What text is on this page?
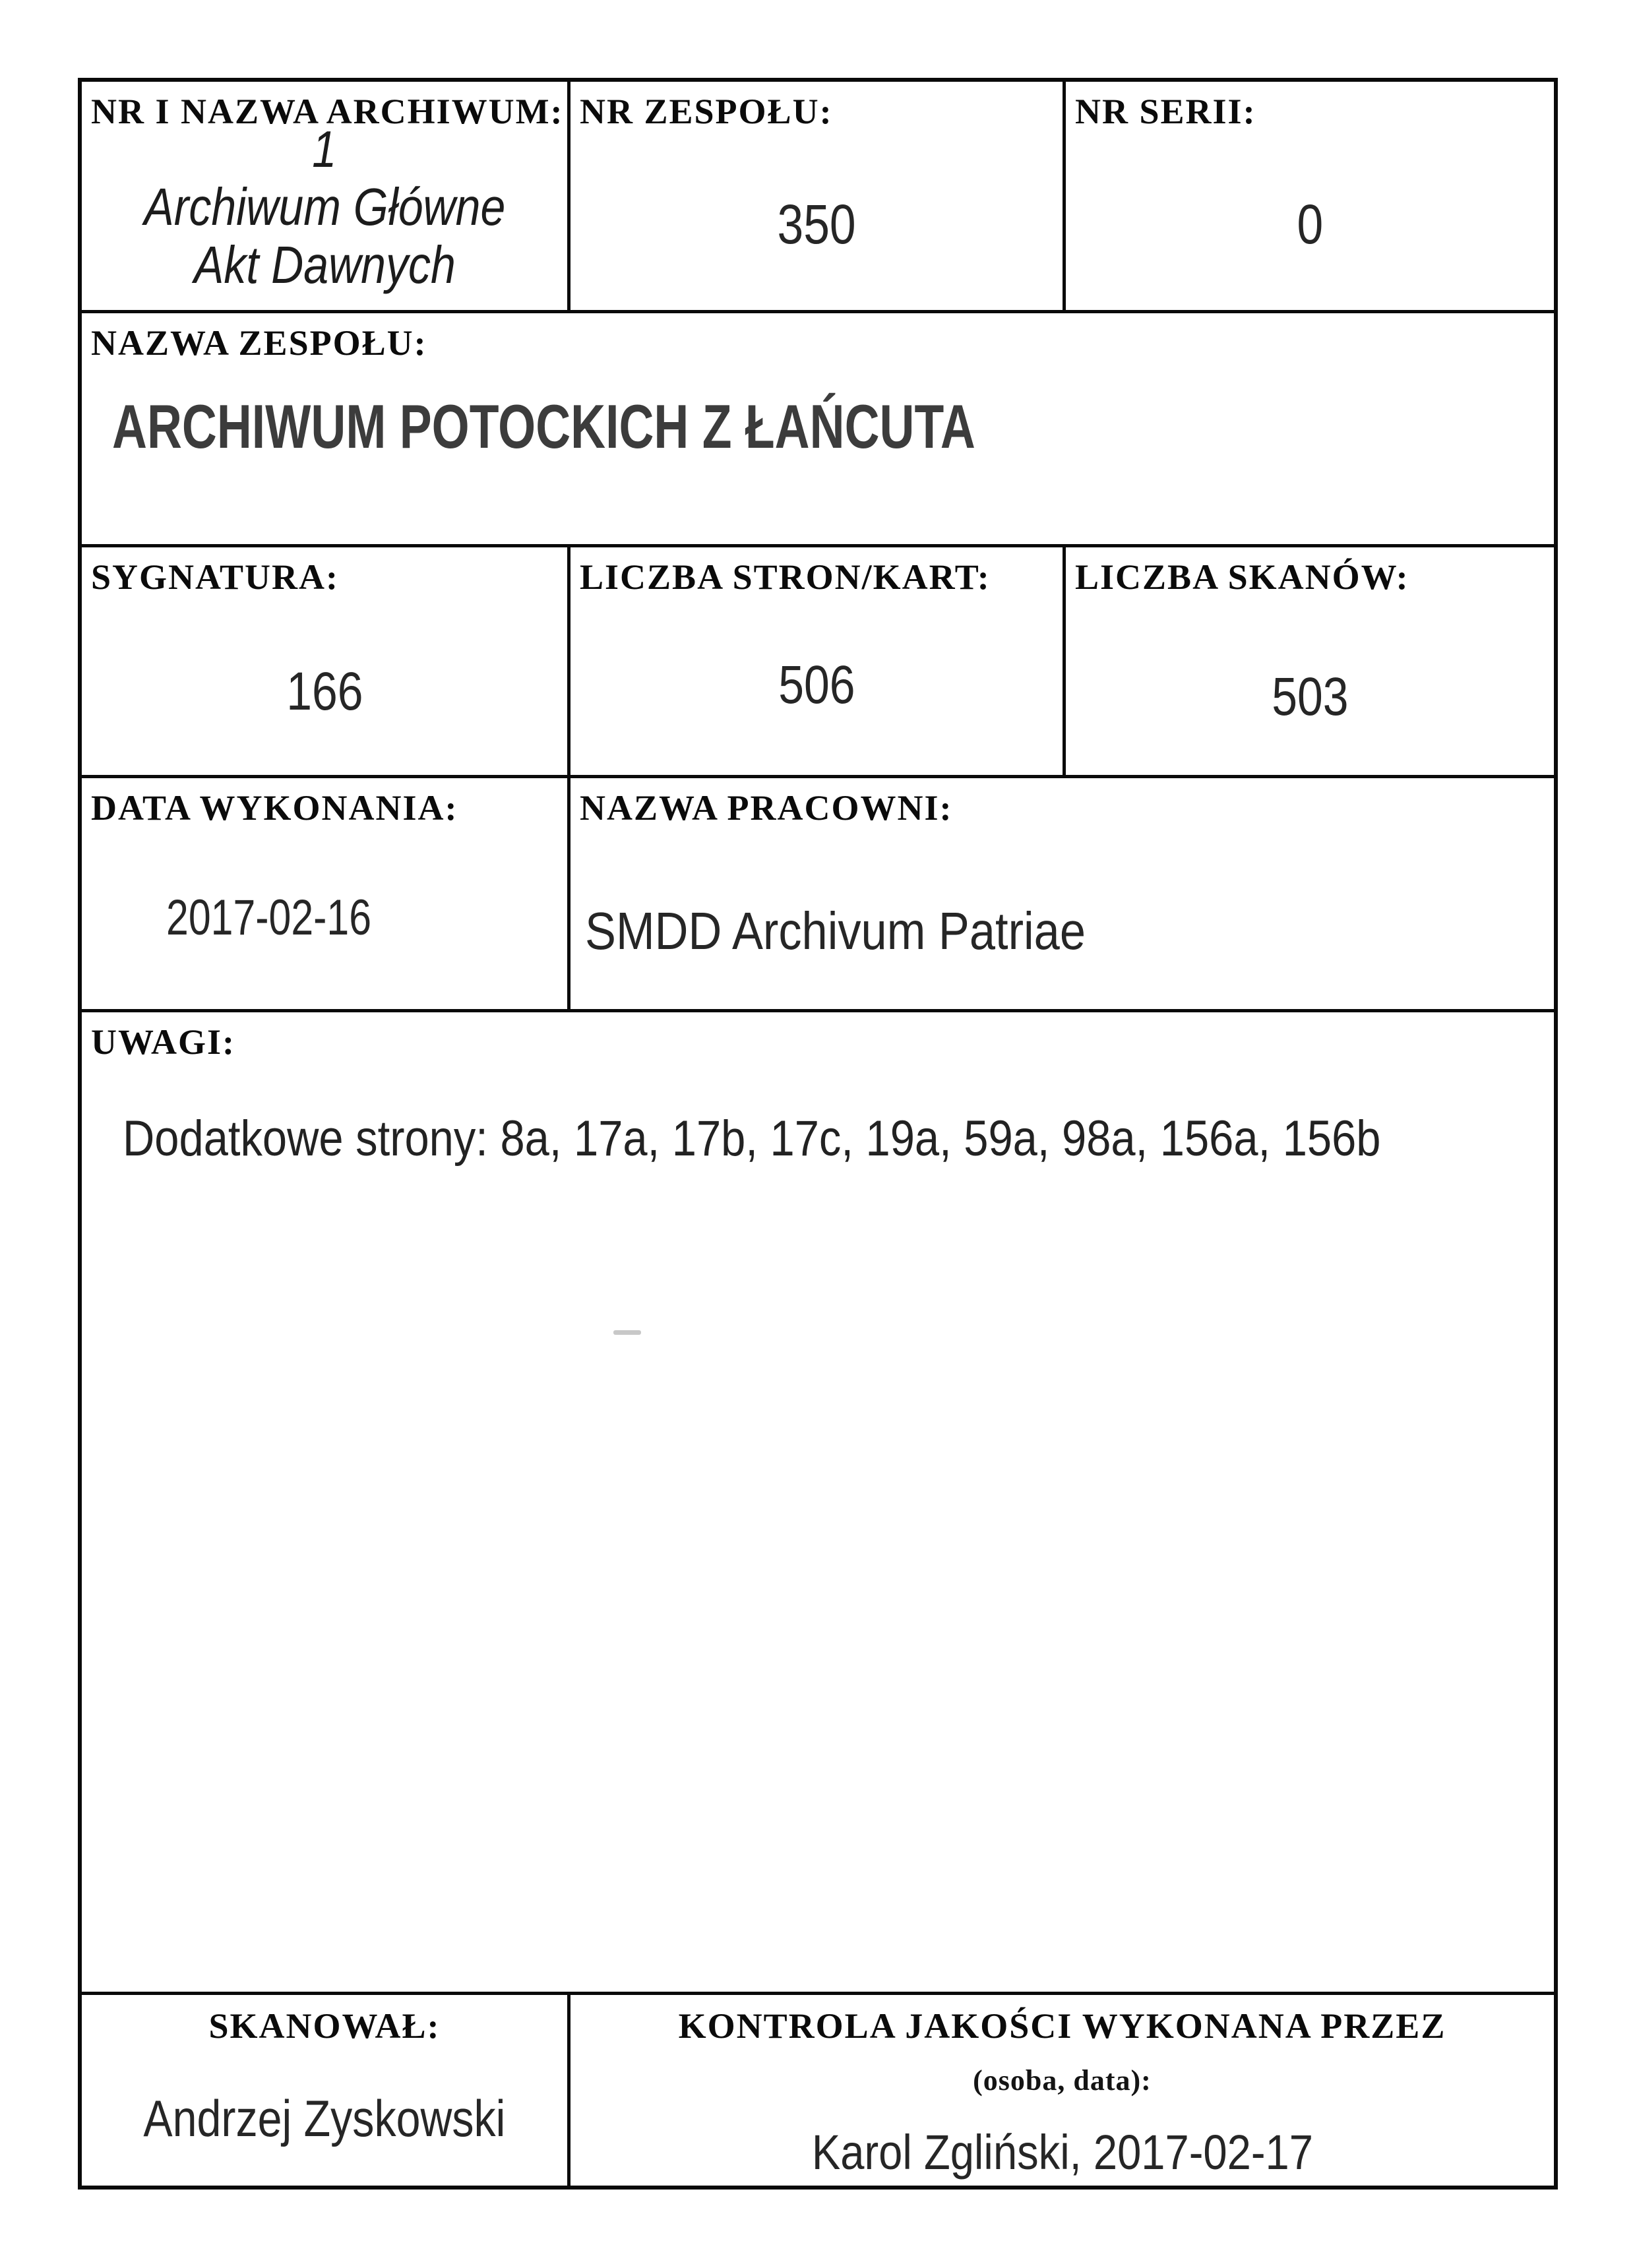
NR I NAZWA ARCHIWUM:
1
Archiwum Główne
Akt Dawnych
NR ZESPOŁU:
350
NR SERII:
0
NAZWA ZESPOŁU:
ARCHIWUM POTOCKICH Z ŁAŃCUTA
SYGNATURA:
166
LICZBA STRON/KART:
506
LICZBA SKANÓW:
503
DATA WYKONANIA:
2017-02-16
NAZWA PRACOWNI:
SMDD Archivum Patriae
UWAGI:
Dodatkowe strony: 8a, 17a, 17b, 17c, 19a, 59a, 98a, 156a, 156b
SKANOWAŁ:
Andrzej Zyskowski
KONTROLA JAKOŚCI WYKONANA PRZEZ
(osoba, data):
Karol Zgliński, 2017-02-17
